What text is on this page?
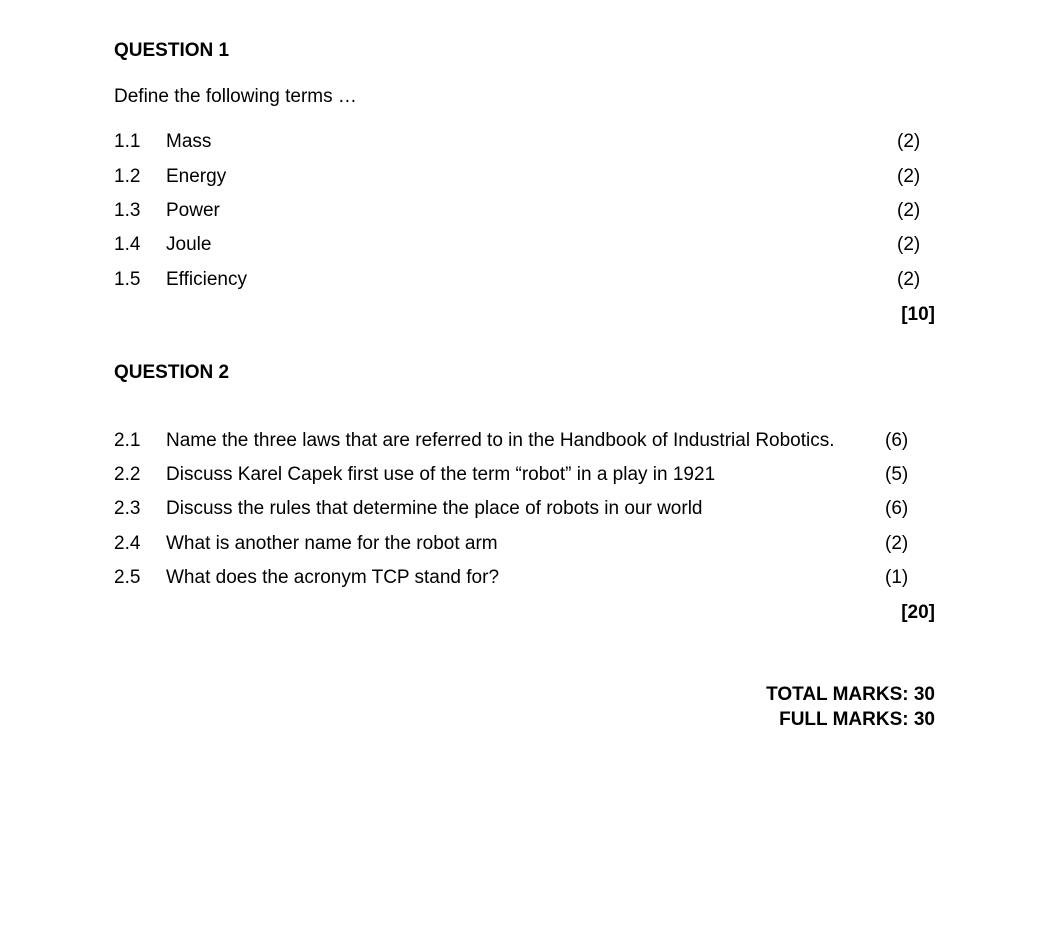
QUESTION 1
Define the following terms …
1.1 Mass	(2)
1.2 Energy	(2)
1.3 Power	(2)
1.4 Joule	(2)
1.5 Efficiency	(2)
[10]
QUESTION 2
2.1 Name the three laws that are referred to in the Handbook of Industrial Robotics.	(6)
2.2 Discuss Karel Capek first use of the term “robot” in a play in 1921	(5)
2.3 Discuss the rules that determine the place of robots in our world	(6)
2.4 What is another name for the robot arm	(2)
2.5 What does the acronym TCP stand for?	(1)
[20]
TOTAL MARKS: 30
FULL MARKS: 30
